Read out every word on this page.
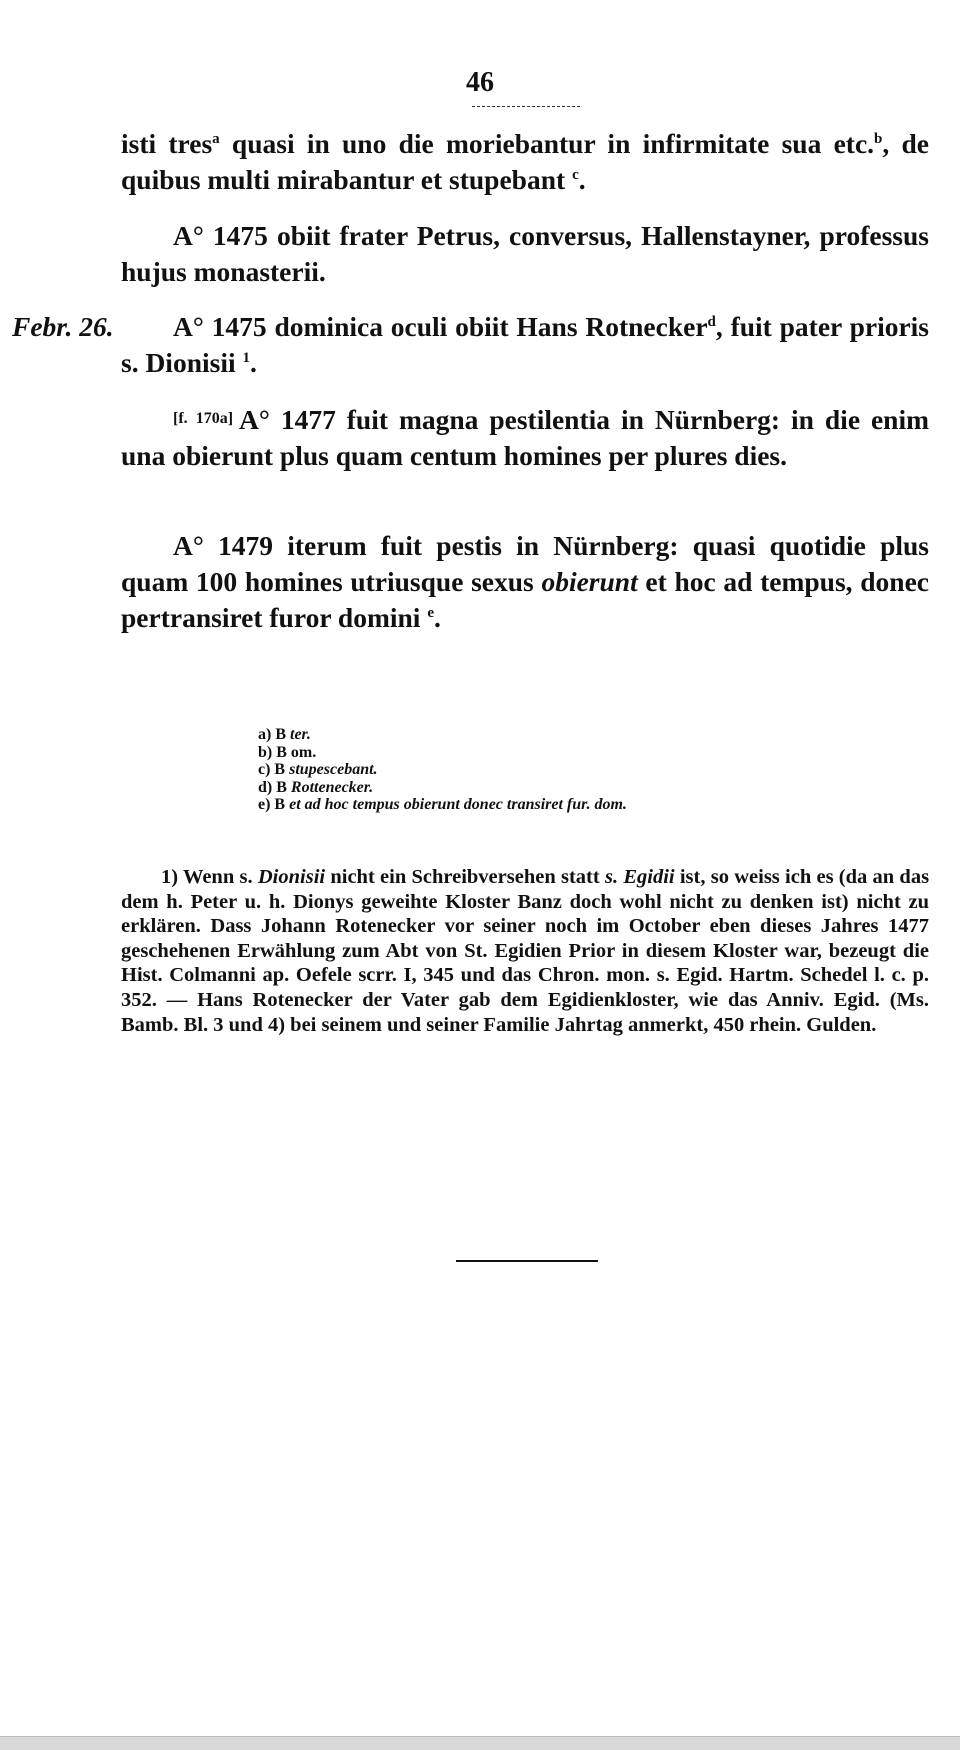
46

isti tres$^a$ quasi in uno die moriebantur in infirmitate sua etc.$^b$, de quibus multi mirabantur et stupebant $^c$.

A° 1475 obiit frater Petrus, conversus, Hallenstayner, professus hujus monasterii.

Febr. 26.	A° 1475 dominica oculi obiit Hans Rotnecker$^d$, fuit pater prioris s. Dionisii $^1$.

[f. 170a] A° 1477 fuit magna pestilentia in Nürnberg: in die enim una obierunt plus quam centum homines per plures dies.

A° 1479 iterum fuit pestis in Nürnberg: quasi quotidie plus quam 100 homines utriusque sexus obierunt et hoc ad tempus, donec pertransiret furor domini $^e$.

a) B ter.
b) B om.
c) B stupescebant.
d) B Rottenecker.
e) B et ad hoc tempus obierunt donec transiret fur. dom.

1) Wenn s. Dionisii nicht ein Schreibversehen statt s. Egidii ist, so weiss ich es (da an das dem h. Peter u. h. Dionys geweihte Kloster Banz doch wohl nicht zu denken ist) nicht zu erklären. Dass Johann Rotenecker vor seiner noch im October eben dieses Jahres 1477 geschehenen Erwählung zum Abt von St. Egidien Prior in diesem Kloster war, bezeugt die Hist. Colmanni ap. Oefele scrr. I, 345 und das Chron. mon. s. Egid. Hartm. Schedel l. c. p. 352. — Hans Rotenecker der Vater gab dem Egidienkloster, wie das Anniv. Egid. (Ms. Bamb. Bl. 3 und 4) bei seinem und seiner Familie Jahrtag anmerkt, 450 rhein. Gulden.
